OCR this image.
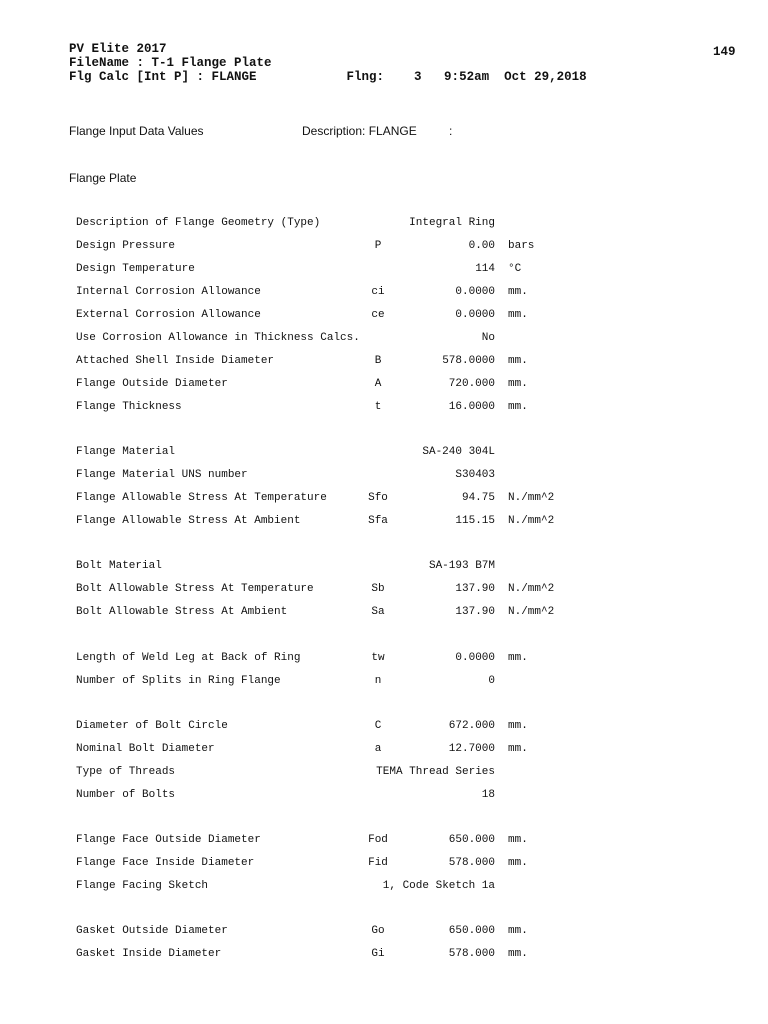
PV Elite 2017
FileName : T-1 Flange Plate
Flg Calc [Int P] : FLANGE            Flng:    3   9:52am  Oct 29,2018
149
Flange Input Data Values	Description: FLANGE	:
Flange Plate
Description of Flange Geometry (Type)	Integral Ring
Design Pressure	P	0.00 bars
Design Temperature	114 °C
Internal Corrosion Allowance	ci	0.0000 mm.
External Corrosion Allowance	ce	0.0000 mm.
Use Corrosion Allowance in Thickness Calcs.	No
Attached Shell Inside Diameter	B	578.0000 mm.
Flange Outside Diameter	A	720.000 mm.
Flange Thickness	t	16.0000 mm.
Flange Material	SA-240 304L
Flange Material UNS number	S30403
Flange Allowable Stress At Temperature	Sfo	94.75 N./mm^2
Flange Allowable Stress At Ambient	Sfa	115.15 N./mm^2
Bolt Material	SA-193 B7M
Bolt Allowable Stress At Temperature	Sb	137.90 N./mm^2
Bolt Allowable Stress At Ambient	Sa	137.90 N./mm^2
Length of Weld Leg at Back of Ring	tw	0.0000 mm.
Number of Splits in Ring Flange	n	0
Diameter of Bolt Circle	C	672.000 mm.
Nominal Bolt Diameter	a	12.7000 mm.
Type of Threads	TEMA Thread Series
Number of Bolts	18
Flange Face Outside Diameter	Fod	650.000 mm.
Flange Face Inside Diameter	Fid	578.000 mm.
Flange Facing Sketch	1, Code Sketch 1a
Gasket Outside Diameter	Go	650.000 mm.
Gasket Inside Diameter	Gi	578.000 mm.
